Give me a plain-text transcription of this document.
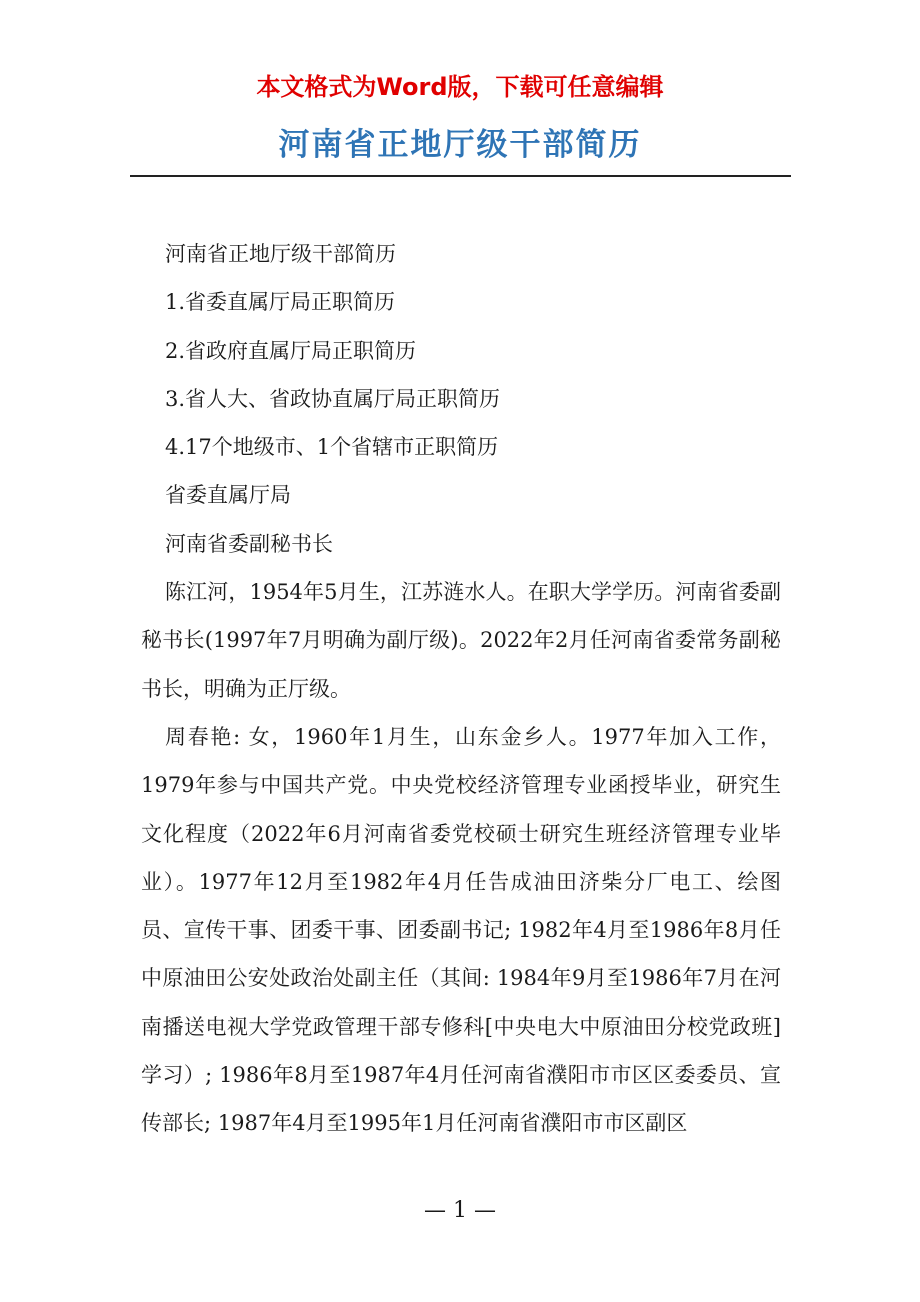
本文格式为Word版，下载可任意编辑
河南省正地厅级干部简历

河南省正地厅级干部简历

1.省委直属厅局正职简历

2.省政府直属厅局正职简历

3.省人大、省政协直属厅局正职简历

4.17个地级市、1个省辖市正职简历

省委直属厅局

河南省委副秘书长

陈江河，1954年5月生，江苏涟水人。在职大学学历。河南省委副秘书长(1997年7月明确为副厅级)。2022年2月任河南省委常务副秘书长，明确为正厅级。

周春艳: 女，1960年1月生，山东金乡人。1977年加入工作，1979年参与中国共产党。中央党校经济管理专业函授毕业，研究生文化程度（2022年6月河南省委党校硕士研究生班经济管理专业毕业）。1977年12月至1982年4月任告成油田济柴分厂电工、绘图员、宣传干事、团委干事、团委副书记; 1982年4月至1986年8月任中原油田公安处政治处副主任（其间: 1984年9月至1986年7月在河南播送电视大学党政管理干部专修科[中央电大中原油田分校党政班]学习）; 1986年8月至1987年4月任河南省濮阳市市区区委委员、宣传部长; 1987年4月至1995年1月任河南省濮阳市市区副区

— 1 —
